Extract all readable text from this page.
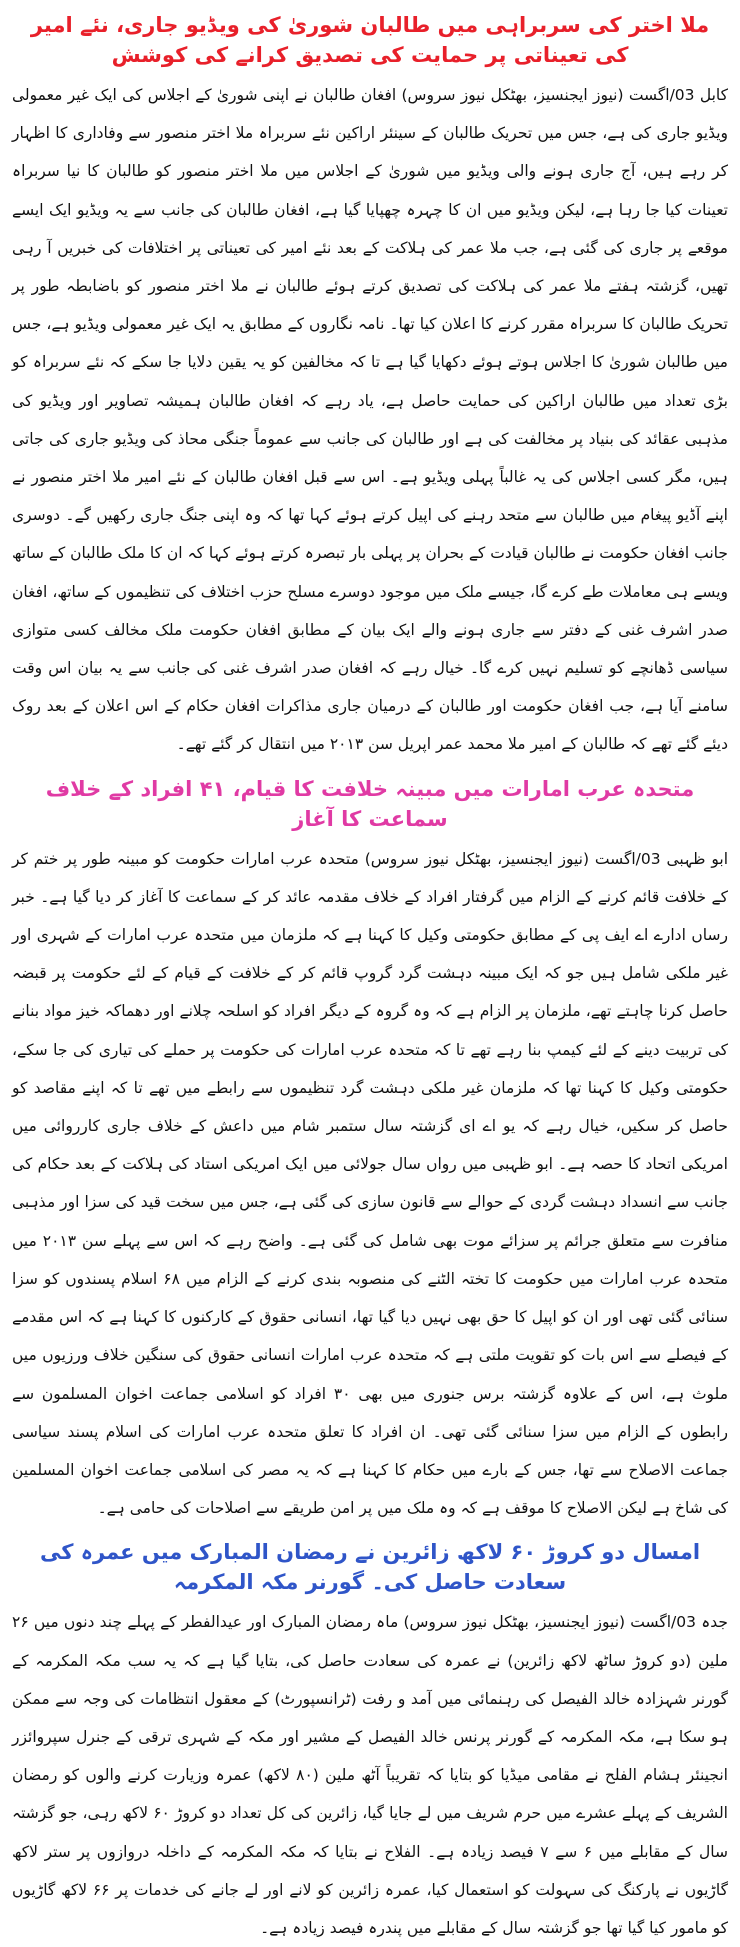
ملا اختر کی سربراہی میں طالبان شوریٰ کی ویڈیو جاری، نئے امیر کی تعیناتی پر حمایت کی تصدیق کرانے کی کوشش

کابل 03/اگست (نیوز ایجنسیز، بھٹکل نیوز سروس) افغان طالبان نے اپنی شوریٰ کے اجلاس کی ایک غیر معمولی ویڈیو جاری کی ہے، جس میں تحریک طالبان کے سینئر اراکین نئے سربراہ ملا اختر منصور سے وفاداری کا اظہار کر رہے ہیں، آج جاری ہونے والی ویڈیو میں شوریٰ کے اجلاس میں ملا اختر منصور کو طالبان کا نیا سربراہ تعینات کیا جا رہا ہے، لیکن ویڈیو میں ان کا چہرہ چھپایا گیا ہے، افغان طالبان کی جانب سے یہ ویڈیو ایک ایسے موقعے پر جاری کی گئی ہے، جب ملا عمر کی ہلاکت کے بعد نئے امیر کی تعیناتی پر اختلافات کی خبریں آ رہی تھیں، گزشتہ ہفتے ملا عمر کی ہلاکت کی تصدیق کرتے ہوئے طالبان نے ملا اختر منصور کو باضابطہ طور پر تحریک طالبان کا سربراہ مقرر کرنے کا اعلان کیا تھا۔ نامہ نگاروں کے مطابق یہ ایک غیر معمولی ویڈیو ہے، جس میں طالبان شوریٰ کا اجلاس ہوتے ہوئے دکھایا گیا ہے تا کہ مخالفین کو یہ یقین دلایا جا سکے کہ نئے سربراہ کو بڑی تعداد میں طالبان اراکین کی حمایت حاصل ہے، یاد رہے کہ افغان طالبان ہمیشہ تصاویر اور ویڈیو کی مذہبی عقائد کی بنیاد پر مخالفت کی ہے اور طالبان کی جانب سے عموماً جنگی محاذ کی ویڈیو جاری کی جاتی ہیں، مگر کسی اجلاس کی یہ غالباً پہلی ویڈیو ہے۔ اس سے قبل افغان طالبان کے نئے امیر ملا اختر منصور نے اپنے آڈیو پیغام میں طالبان سے متحد رہنے کی اپیل کرتے ہوئے کہا تھا کہ وہ اپنی جنگ جاری رکھیں گے۔ دوسری جانب افغان حکومت نے طالبان قیادت کے بحران پر پہلی بار تبصرہ کرتے ہوئے کہا کہ ان کا ملک طالبان کے ساتھ ویسے ہی معاملات طے کرے گا، جیسے ملک میں موجود دوسرے مسلح حزب اختلاف کی تنظیموں کے ساتھ، افغان صدر اشرف غنی کے دفتر سے جاری ہونے والے ایک بیان کے مطابق افغان حکومت ملک مخالف کسی متوازی سیاسی ڈھانچے کو تسلیم نہیں کرے گا۔ خیال رہے کہ افغان صدر اشرف غنی کی جانب سے یہ بیان اس وقت سامنے آیا ہے، جب افغان حکومت اور طالبان کے درمیان جاری مذاکرات افغان حکام کے اس اعلان کے بعد روک دیئے گئے تھے کہ طالبان کے امیر ملا محمد عمر اپریل سن ۲۰۱۳ میں انتقال کر گئے تھے۔

متحدہ عرب امارات میں مبینہ خلافت کا قیام، ۴۱ افراد کے خلاف سماعت کا آغاز

ابو ظہبی 03/اگست (نیوز ایجنسیز، بھٹکل نیوز سروس) متحدہ عرب امارات حکومت کو مبینہ طور پر ختم کر کے خلافت قائم کرنے کے الزام میں گرفتار افراد کے خلاف مقدمہ عائد کر کے سماعت کا آغاز کر دیا گیا ہے۔ خبر رساں ادارے اے ایف پی کے مطابق حکومتی وکیل کا کہنا ہے کہ ملزمان میں متحدہ عرب امارات کے شہری اور غیر ملکی شامل ہیں جو کہ ایک مبینہ دہشت گرد گروپ قائم کر کے خلافت کے قیام کے لئے حکومت پر قبضہ حاصل کرنا چاہتے تھے، ملزمان پر الزام ہے کہ وہ گروہ کے دیگر افراد کو اسلحہ چلانے اور دھماکہ خیز مواد بنانے کی تربیت دینے کے لئے کیمپ بنا رہے تھے تا کہ متحدہ عرب امارات کی حکومت پر حملے کی تیاری کی جا سکے، حکومتی وکیل کا کہنا تھا کہ ملزمان غیر ملکی دہشت گرد تنظیموں سے رابطے میں تھے تا کہ اپنے مقاصد کو حاصل کر سکیں، خیال رہے کہ یو اے ای گزشتہ سال ستمبر شام میں داعش کے خلاف جاری کارروائی میں امریکی اتحاد کا حصہ ہے۔ ابو ظہبی میں رواں سال جولائی میں ایک امریکی استاد کی ہلاکت کے بعد حکام کی جانب سے انسداد دہشت گردی کے حوالے سے قانون سازی کی گئی ہے، جس میں سخت قید کی سزا اور مذہبی منافرت سے متعلق جرائم پر سزائے موت بھی شامل کی گئی ہے۔ واضح رہے کہ اس سے پہلے سن ۲۰۱۳ میں متحدہ عرب امارات میں حکومت کا تختہ الٹنے کی منصوبہ بندی کرنے کے الزام میں ۶۸ اسلام پسندوں کو سزا سنائی گئی تھی اور ان کو اپیل کا حق بھی نہیں دیا گیا تھا، انسانی حقوق کے کارکنوں کا کہنا ہے کہ اس مقدمے کے فیصلے سے اس بات کو تقویت ملتی ہے کہ متحدہ عرب امارات انسانی حقوق کی سنگین خلاف ورزیوں میں ملوث ہے، اس کے علاوہ گزشتہ برس جنوری میں بھی ۳۰ افراد کو اسلامی جماعت اخوان المسلمون سے رابطوں کے الزام میں سزا سنائی گئی تھی۔ ان افراد کا تعلق متحدہ عرب امارات کی اسلام پسند سیاسی جماعت الاصلاح سے تھا، جس کے بارے میں حکام کا کہنا ہے کہ یہ مصر کی اسلامی جماعت اخوان المسلمین کی شاخ ہے لیکن الاصلاح کا موقف ہے کہ وہ ملک میں پر امن طریقے سے اصلاحات کی حامی ہے۔

امسال دو کروڑ ۶۰ لاکھ زائرین نے رمضان المبارک میں عمرہ کی سعادت حاصل کی۔ گورنر مکہ المکرمہ

جدہ 03/اگست (نیوز ایجنسیز، بھٹکل نیوز سروس) ماہ رمضان المبارک اور عیدالفطر کے پہلے چند دنوں میں ۲۶ ملین (دو کروڑ ساٹھ لاکھ زائرین) نے عمرہ کی سعادت حاصل کی، بتایا گیا ہے کہ یہ سب مکہ المکرمہ کے گورنر شہزادہ خالد الفیصل کی رہنمائی میں آمد و رفت (ٹرانسپورٹ) کے معقول انتظامات کی وجہ سے ممکن ہو سکا ہے، مکہ المکرمہ کے گورنر پرنس خالد الفیصل کے مشیر اور مکہ کے شہری ترقی کے جنرل سپروائزر انجینئر ہشام الفلح نے مقامی میڈیا کو بتایا کہ تقریباً آٹھ ملین (۸۰ لاکھ) عمرہ وزیارت کرنے والوں کو رمضان الشریف کے پہلے عشرے میں حرم شریف میں لے جایا گیا، زائرین کی کل تعداد دو کروڑ ۶۰ لاکھ رہی، جو گزشتہ سال کے مقابلے میں ۶ سے ۷ فیصد زیادہ ہے۔ الفلاح نے بتایا کہ مکہ المکرمہ کے داخلہ دروازوں پر ستر لاکھ گاڑیوں نے پارکنگ کی سہولت کو استعمال کیا، عمرہ زائرین کو لانے اور لے جانے کی خدمات پر ۶۶ لاکھ گاڑیوں کو مامور کیا گیا تھا جو گزشتہ سال کے مقابلے میں پندرہ فیصد زیادہ ہے۔
